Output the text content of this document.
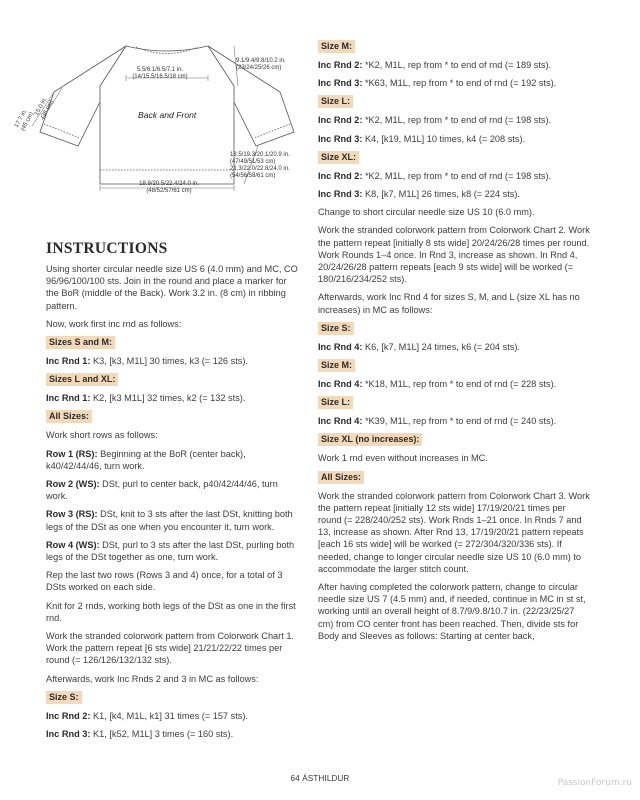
5.5/6.1/6.5/7.1 in.
(14/15.5/16.5/18 cm)
9.1/9.4/9.8/10.2 in.
(23/24/25/26 cm)
Back and Front
18.5/19.3/20.1/20.9 in.
(47/49/51/53 cm)
21.3/22.0/22.8/24.0 in.
(54/56/58/61 cm)
18.9/20.5/22.4/24.0 in.
(48/52/57/61 cm)
17.7 in.
(45 cm)
15.0 in.
(38 cm)
INSTRUCTIONS

Using shorter circular needle size US 6 (4.0 mm) and MC, CO 96/96/100/100 sts. Join in the round and place a marker for the BoR (middle of the Back). Work 3.2 in. (8 cm) in ribbing pattern.

Now, work first inc rnd as follows:

Sizes S and M:

Inc Rnd 1: K3, [k3, M1L] 30 times, k3 (= 126 sts).

Sizes L and XL:

Inc Rnd 1: K2, [k3 M1L] 32 times, k2 (= 132 sts).

All Sizes:

Work short rows as follows:

Row 1 (RS): Beginning at the BoR (center back), k40/42/44/46, turn work.

Row 2 (WS): DSt, purl to center back, p40/42/44/46, turn work.

Row 3 (RS): DSt, knit to 3 sts after the last DSt, knitting both legs of the DSt as one when you encounter it, turn work.

Row 4 (WS): DSt, purl to 3 sts after the last DSt, purling both legs of the DSt together as one, turn work.

Rep the last two rows (Rows 3 and 4) once, for a total of 3 DSts worked on each side.

Knit for 2 rnds, working both legs of the DSt as one in the first rnd.

Work the stranded colorwork pattern from Colorwork Chart 1. Work the pattern repeat [6 sts wide] 21/21/22/22 times per round (= 126/126/132/132 sts).

Afterwards, work Inc Rnds 2 and 3 in MC as follows:

Size S:

Inc Rnd 2: K1, [k4, M1L, k1] 31 times (= 157 sts).

Inc Rnd 3: K1, [k52, M1L] 3 times (= 160 sts).

Size M:

Inc Rnd 2: *K2, M1L, rep from * to end of rnd (= 189 sts).

Inc Rnd 3: *K63, M1L, rep from * to end of rnd (= 192 sts).

Size L:

Inc Rnd 2: *K2, M1L, rep from * to end of rnd (= 198 sts).

Inc Rnd 3: K4, [k19, M1L] 10 times, k4 (= 208 sts).

Size XL:

Inc Rnd 2: *K2, M1L, rep from * to end of rnd (= 198 sts).

Inc Rnd 3: K8, [k7, M1L] 26 times, k8 (= 224 sts).

Change to short circular needle size US 10 (6.0 mm).

Work the stranded colorwork pattern from Colorwork Chart 2. Work the pattern repeat [initially 8 sts wide] 20/24/26/28 times per round. Work Rounds 1–4 once. In Rnd 3, increase as shown. In Rnd 4, 20/24/26/28 pattern repeats [each 9 sts wide] will be worked (= 180/216/234/252 sts).

Afterwards, work Inc Rnd 4 for sizes S, M, and L (size XL has no increases) in MC as follows:

Size S:

Inc Rnd 4: K6, [k7, M1L] 24 times, k6 (= 204 sts).

Size M:

Inc Rnd 4: *K18, M1L, rep from * to end of rnd (= 228 sts).

Size L:

Inc Rnd 4: *K39, M1L, rep from * to end of rnd (= 240 sts).

Size XL (no increases):

Work 1 rnd even without increases in MC.

All Sizes:

Work the stranded colorwork pattern from Colorwork Chart 3. Work the pattern repeat [initially 12 sts wide] 17/19/20/21 times per round (= 228/240/252 sts). Work Rnds 1–21 once. In Rnds 7 and 13, increase as shown. After Rnd 13, 17/19/20/21 pattern repeats [each 16 sts wide] will be worked (= 272/304/320/336 sts). If needed, change to longer circular needle size US 10 (6.0 mm) to accommodate the larger stitch count.

After having completed the colorwork pattern, change to circular needle size US 7 (4.5 mm) and, if needed, continue in MC in st st, working until an overall height of 8.7/9/9.8/10.7 in. (22/23/25/27 cm) from CO center front has been reached. Then, divide sts for Body and Sleeves as follows: Starting at center back,

64 ÁSTHILDUR	PassionForum.ru
